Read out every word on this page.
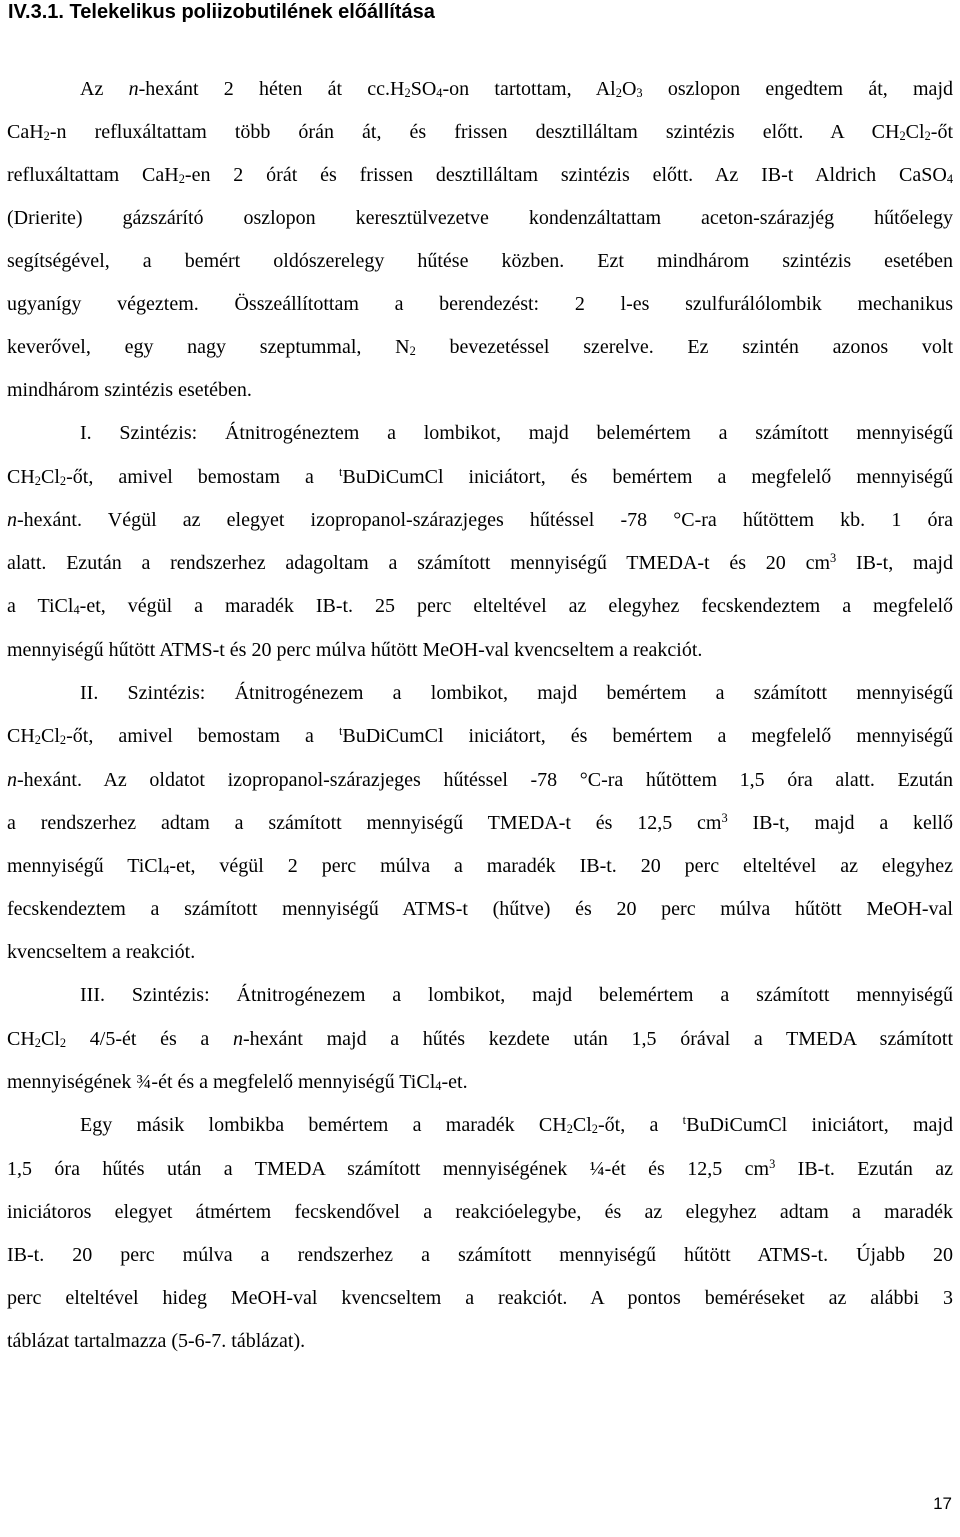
IV.3.1. Telekelikus poliizobutilének előállítása
Az n-hexánt 2 héten át $cc.H_2SO_4-on$ tartottam, $Al_2O_3$ oszlopon engedtem át, majd
CaH$_2$-n refluxáltattam több órán át, és frissen desztilláltam szintézis előtt. A $CH_2Cl_2-őt$
refluxáltattam CaH$_2$-en 2 órát és frissen desztilláltam szintézis előtt. Az IB-t Aldrich CaSO$_4$
(Drierite) gázszárító oszlopon keresztülvezetve kondenzáltattam aceton-szárazjég hűtőelegy
segítségével, a bemért oldószerelegy hűtése közben. Ezt mindhárom szintézis esetében
ugyanígy végeztem. Összeállítottam a berendezést: 2 l-es szulfurálólombik mechanikus
keverővel, egy nagy szeptummal, $N_2$ bevezetéssel szerelve. Ez szintén azonos volt
mindhárom szintézis esetében.
I. Szintézis: Átnitrogéneztem a lombikot, majd belemértem a számított mennyiségű
$CH_2Cl_2-őt$, amivel bemostam a $^t$BuDiCumCl iniciátort, és bemértem a megfelelő mennyiségű
n-hexánt. Végül az elegyet izopropanol-szárazjeges hűtéssel -78 °C-ra hűtöttem kb. 1 óra
alatt. Ezután a rendszerhez adagoltam a számított mennyiségű TMEDA-t és 20 $cm^3$ IB-t, majd
a TiCl$_4$-et, végül a maradék IB-t. 25 perc elteltével az elegyhez fecskendeztem a megfelelő
mennyiségű hűtött ATMS-t és 20 perc múlva hűtött MeOH-val kvencseltem a reakciót.
II. Szintézis: Átnitrogénezem a lombikot, majd bemértem a számított mennyiségű
$CH_2Cl_2-őt$, amivel bemostam a $^t$BuDiCumCl iniciátort, és bemértem a megfelelő mennyiségű
n-hexánt. Az oldatot izopropanol-szárazjeges hűtéssel -78 °C-ra hűtöttem 1,5 óra alatt. Ezután
a rendszerhez adtam a számított mennyiségű TMEDA-t és 12,5 $cm^3$ IB-t, majd a kellő
mennyiségű TiCl$_4$-et, végül 2 perc múlva a maradék IB-t. 20 perc elteltével az elegyhez
fecskendeztem a számított mennyiségű ATMS-t (hűtve) és 20 perc múlva hűtött MeOH-val
kvencseltem a reakciót.
III. Szintézis: Átnitrogénezem a lombikot, majd belemértem a számított mennyiségű
$CH_2Cl_2$ 4/5-ét és a n-hexánt majd a hűtés kezdete után 1,5 órával a TMEDA számított
mennyiségének ¾-ét és a megfelelő mennyiségű TiCl$_4$-et.
Egy másik lombikba bemértem a maradék $CH_2Cl_2-őt$, a $^t$BuDiCumCl iniciátort, majd
1,5 óra hűtés után a TMEDA számított mennyiségének ¼-ét és 12,5 $cm^3$ IB-t. Ezután az
iniciátoros elegyet átmértem fecskendővel a reakcióelegybe, és az elegyhez adtam a maradék
IB-t. 20 perc múlva a rendszerhez a számított mennyiségű hűtött ATMS-t. Újabb 20
perc elteltével hideg MeOH-val kvencseltem a reakciót. A pontos beméréseket az alábbi 3
táblázat tartalmazza (5-6-7. táblázat).
17
